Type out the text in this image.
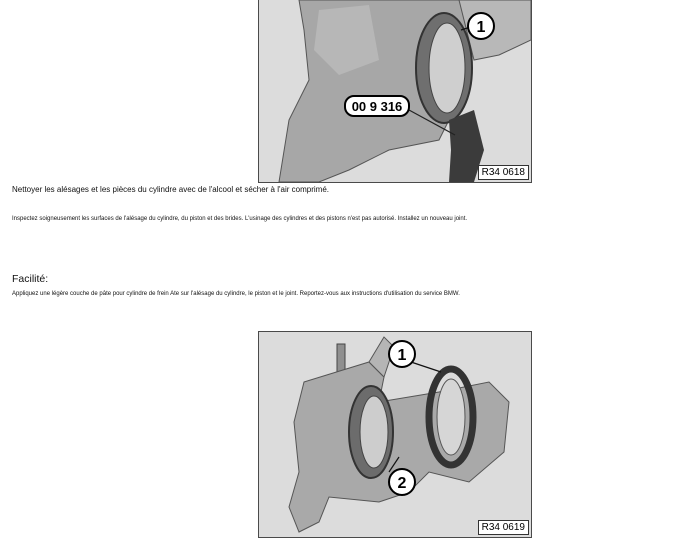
1
00 9 316
R34 0618

Nettoyer les alésages et les pièces du cylindre avec de l'alcool et sécher à l'air comprimé.

Inspectez soigneusement les surfaces de l'alésage du cylindre, du piston et des brides. L'usinage des cylindres et des pistons n'est pas autorisé. Installez un nouveau joint.

Facilité:

Appliquez une légère couche de pâte pour cylindre de frein Ate sur l'alésage du cylindre, le piston et le joint. Reportez-vous aux instructions d'utilisation du service BMW.

1
2
R34 0619
